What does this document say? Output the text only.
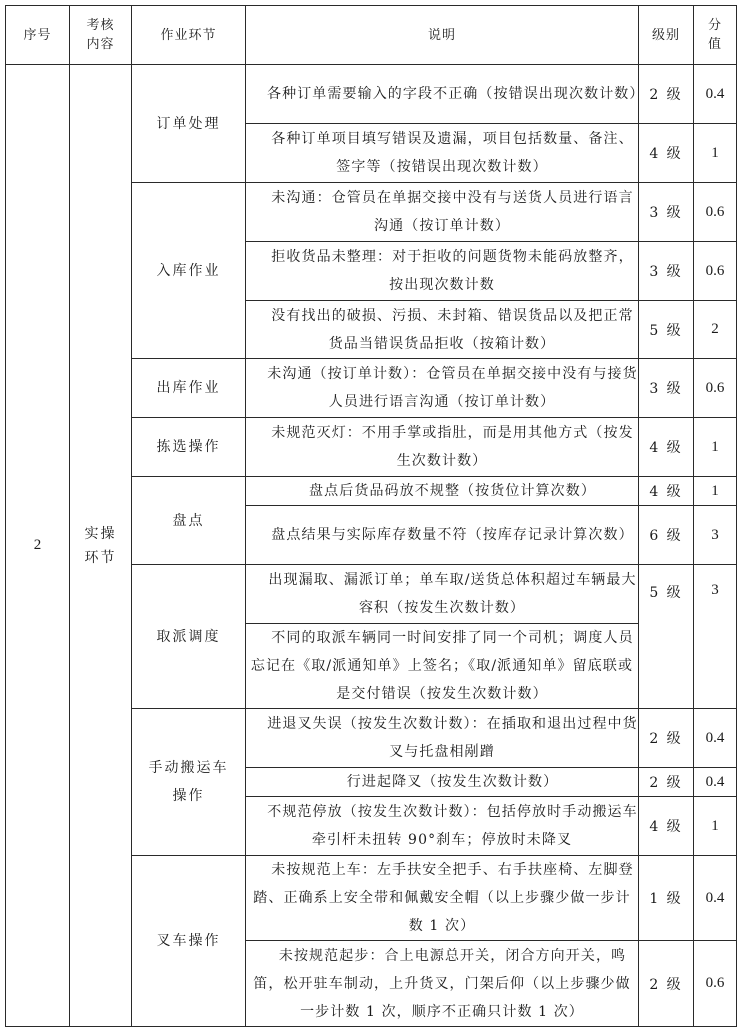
序号	考核内容	作业环节	说明	级别	分值
2	实操环节	订单处理	各种订单需要输入的字段不正确（按错误出现次数计数）	2 级	0.4
			各种订单项目填写错误及遗漏，项目包括数量、备注、签字等（按错误出现次数计数）	4 级	1
		入库作业	未沟通：仓管员在单据交接中没有与送货人员进行语言沟通（按订单计数）	3 级	0.6
			拒收货品未整理：对于拒收的问题货物未能码放整齐，按出现次数计数	3 级	0.6
			没有找出的破损、污损、未封箱、错误货品以及把正常货品当错误货品拒收（按箱计数）	5 级	2
		出库作业	未沟通（按订单计数）：仓管员在单据交接中没有与接货人员进行语言沟通（按订单计数）	3 级	0.6
		拣选操作	未规范灭灯：不用手掌或指肚，而是用其他方式（按发生次数计数）	4 级	1
		盘点	盘点后货品码放不规整（按货位计算次数）	4 级	1
			盘点结果与实际库存数量不符（按库存记录计算次数）	6 级	3
		取派调度	出现漏取、漏派订单；单车取/送货总体积超过车辆最大容积（按发生次数计数）	5 级	3
			不同的取派车辆同一时间安排了同一个司机；调度人员忘记在《取/派通知单》上签名；《取/派通知单》留底联或是交付错误（按发生次数计数）		
		手动搬运车操作	进退叉失误（按发生次数计数）：在插取和退出过程中货叉与托盘相剐蹭	2 级	0.4
			行进起降叉（按发生次数计数）	2 级	0.4
			不规范停放（按发生次数计数）：包括停放时手动搬运车牵引杆未扭转 90°刹车；停放时未降叉	4 级	1
		叉车操作	未按规范上车：左手扶安全把手、右手扶座椅、左脚登踏、正确系上安全带和佩戴安全帽（以上步骤少做一步计数 1 次）	1 级	0.4
			未按规范起步：合上电源总开关，闭合方向开关，鸣笛，松开驻车制动，上升货叉，门架后仰（以上步骤少做一步计数 1 次，顺序不正确只计数 1 次）	2 级	0.6
